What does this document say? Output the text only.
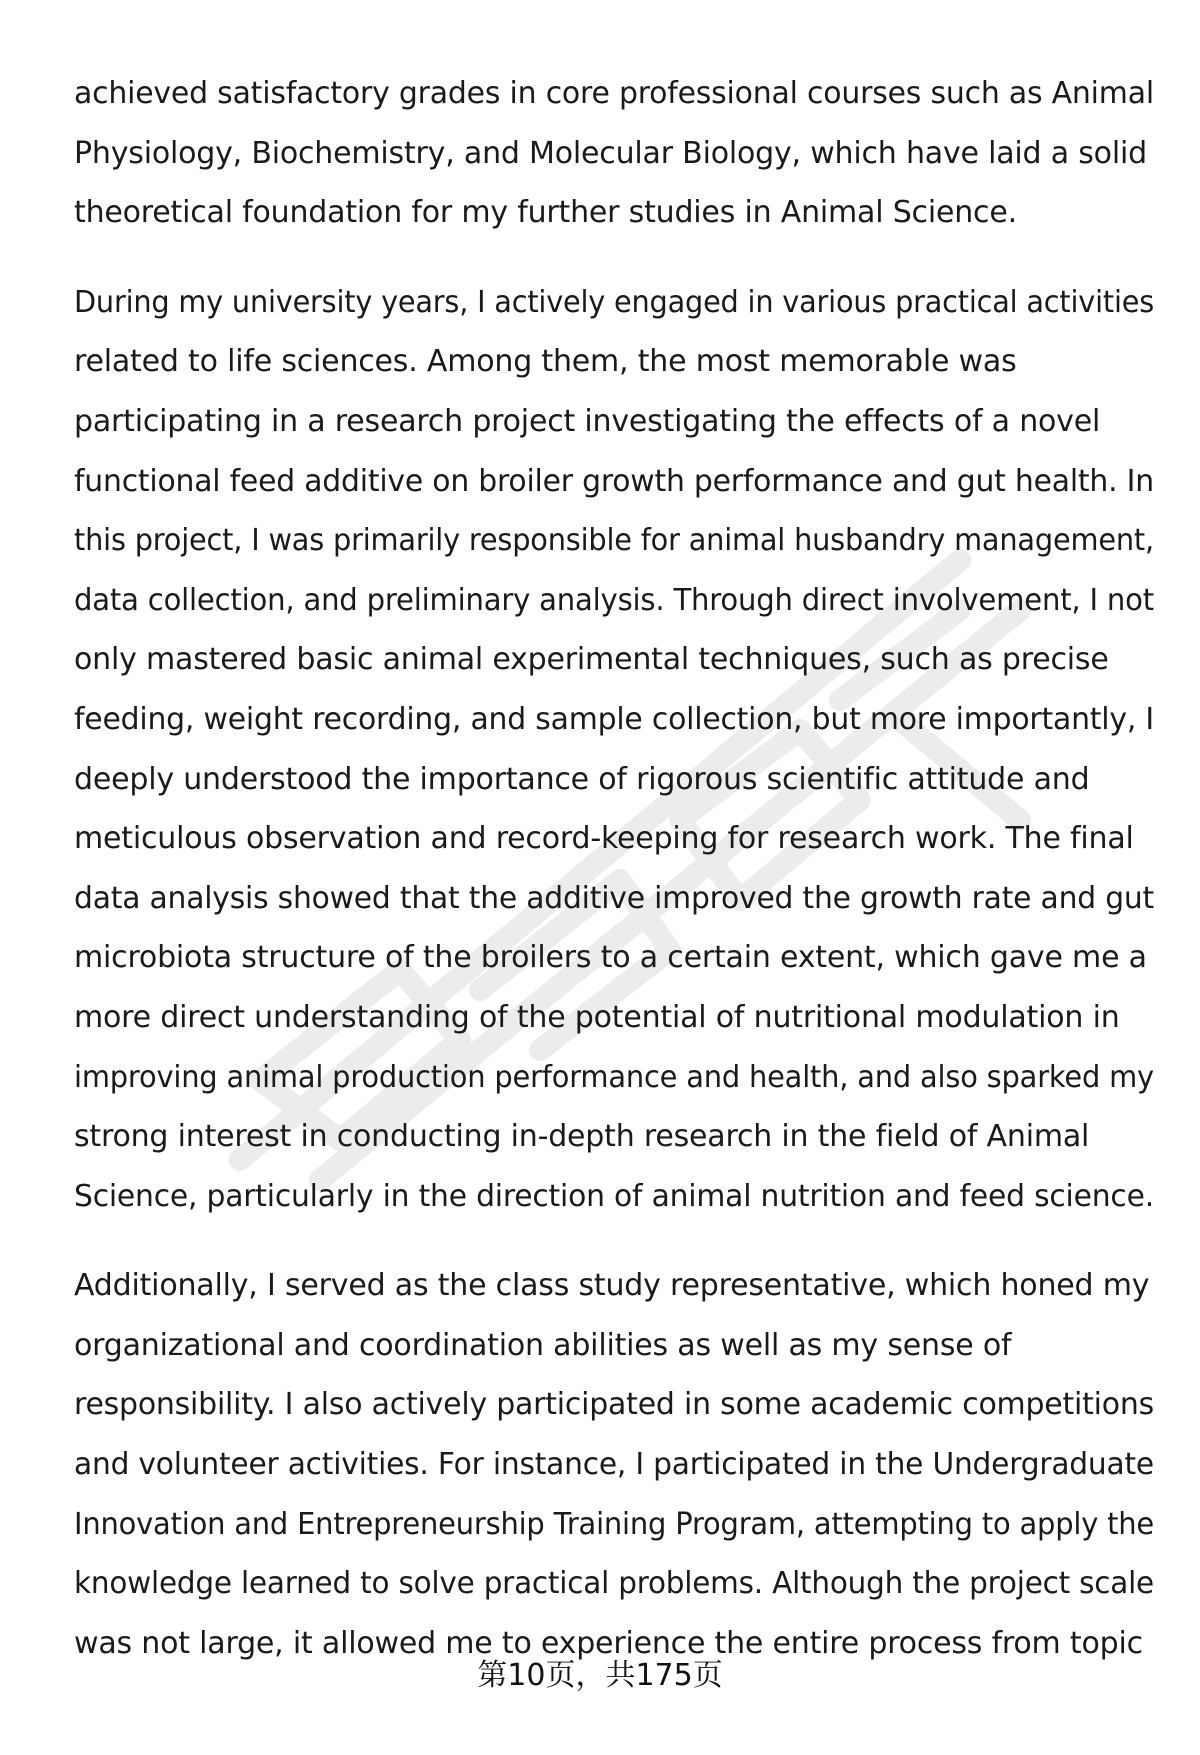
achieved satisfactory grades in core professional courses such as Animal
Physiology, Biochemistry, and Molecular Biology, which have laid a solid
theoretical foundation for my further studies in Animal Science.

During my university years, I actively engaged in various practical activities
related to life sciences. Among them, the most memorable was
participating in a research project investigating the effects of a novel
functional feed additive on broiler growth performance and gut health. In
this project, I was primarily responsible for animal husbandry management,
data collection, and preliminary analysis. Through direct involvement, I not
only mastered basic animal experimental techniques, such as precise
feeding, weight recording, and sample collection, but more importantly, I
deeply understood the importance of rigorous scientific attitude and
meticulous observation and record-keeping for research work. The final
data analysis showed that the additive improved the growth rate and gut
microbiota structure of the broilers to a certain extent, which gave me a
more direct understanding of the potential of nutritional modulation in
improving animal production performance and health, and also sparked my
strong interest in conducting in-depth research in the field of Animal
Science, particularly in the direction of animal nutrition and feed science.

Additionally, I served as the class study representative, which honed my
organizational and coordination abilities as well as my sense of
responsibility. I also actively participated in some academic competitions
and volunteer activities. For instance, I participated in the Undergraduate
Innovation and Entrepreneurship Training Program, attempting to apply the
knowledge learned to solve practical problems. Although the project scale
was not large, it allowed me to experience the entire process from topic

第10页，共175页
